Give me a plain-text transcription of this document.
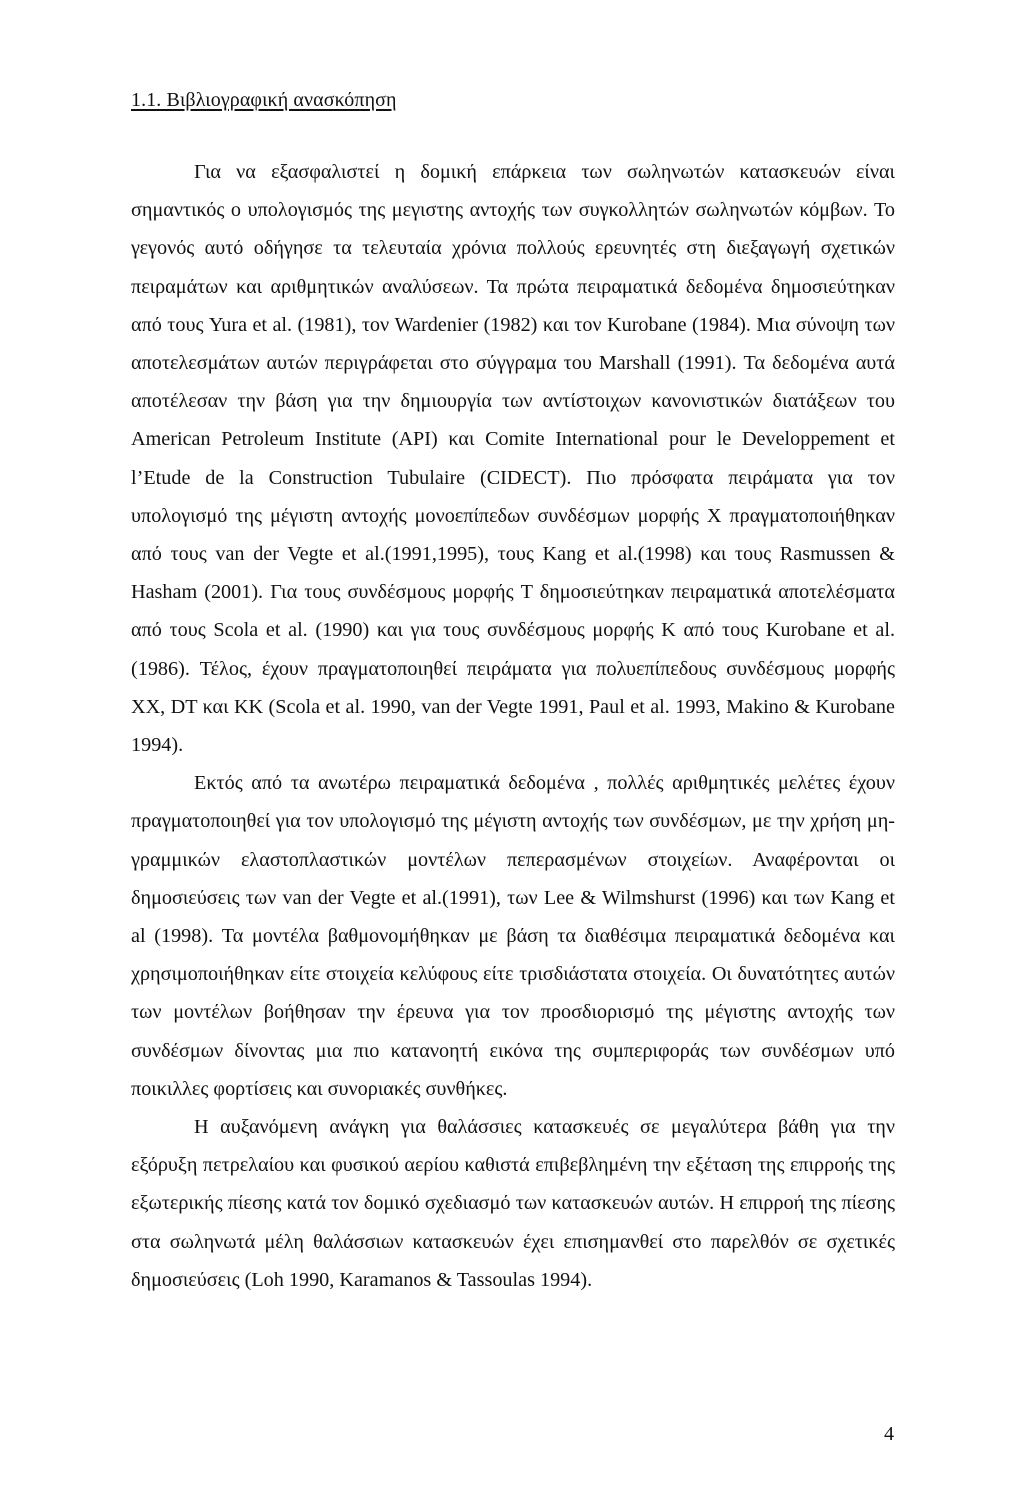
1.1. Βιβλιογραφική ανασκόπηση

Για να εξασφαλιστεί η δομική επάρκεια των σωληνωτών κατασκευών είναι σημαντικός ο υπολογισμός της μεγιστης αντοχής των συγκολλητών σωληνωτών κόμβων. Το γεγονός αυτό οδήγησε τα τελευταία χρόνια πολλούς ερευνητές στη διεξαγωγή σχετικών πειραμάτων και αριθμητικών αναλύσεων. Τα πρώτα πειραματικά δεδομένα δημοσιεύτηκαν από τους Yura et al. (1981), τον Wardenier (1982) και τον Kurobane (1984). Μια σύνοψη των αποτελεσμάτων αυτών περιγράφεται στο σύγγραμα του Marshall (1991). Τα δεδομένα αυτά αποτέλεσαν την βάση για την δημιουργία των αντίστοιχων κανονιστικών διατάξεων του American Petroleum Institute (API) και Comite International pour le Developpement et l’Etude de la Construction Tubulaire (CIDECT). Πιο πρόσφατα πειράματα για τον υπολογισμό της μέγιστη αντοχής μονοεπίπεδων συνδέσμων μορφής X πραγματοποιήθηκαν από τους van der Vegte et al.(1991,1995), τους Kang et al.(1998) και τους Rasmussen & Hasham (2001). Για τους συνδέσμους μορφής T δημοσιεύτηκαν πειραματικά αποτελέσματα από τους Scola et al. (1990) και για τους συνδέσμους μορφής K από τους Kurobane et al. (1986). Τέλος, έχουν πραγματοποιηθεί πειράματα για πολυεπίπεδους συνδέσμους μορφής XX, DT και KK (Scola et al. 1990, van der Vegte 1991, Paul et al. 1993, Makino & Kurobane 1994).

Εκτός από τα ανωτέρω πειραματικά δεδομένα , πολλές αριθμητικές μελέτες έχουν πραγματοποιηθεί για τον υπολογισμό της μέγιστη αντοχής των συνδέσμων, με την χρήση μη-γραμμικών ελαστοπλαστικών μοντέλων πεπερασμένων στοιχείων. Αναφέρονται οι δημοσιεύσεις των van der Vegte et al.(1991), των Lee & Wilmshurst (1996) και των Kang et al (1998). Τα μοντέλα βαθμονομήθηκαν με βάση τα διαθέσιμα πειραματικά δεδομένα και χρησιμοποιήθηκαν είτε στοιχεία κελύφους είτε τρισδιάστατα στοιχεία. Οι δυνατότητες αυτών των μοντέλων βοήθησαν την έρευνα για τον προσδιορισμό της μέγιστης αντοχής των συνδέσμων δίνοντας μια πιο κατανοητή εικόνα της συμπεριφοράς των συνδέσμων υπό ποικιλλες φορτίσεις και συνοριακές συνθήκες.

Η αυξανόμενη ανάγκη για θαλάσσιες κατασκευές σε μεγαλύτερα βάθη για την εξόρυξη πετρελαίου και φυσικού αερίου καθιστά επιβεβλημένη την εξέταση της επιρροής της εξωτερικής πίεσης κατά τον δομικό σχεδιασμό των κατασκευών αυτών. Η επιρροή της πίεσης στα σωληνωτά μέλη θαλάσσιων κατασκευών έχει επισημανθεί στο παρελθόν σε σχετικές δημοσιεύσεις (Loh 1990, Karamanos & Tassoulas 1994).

4
